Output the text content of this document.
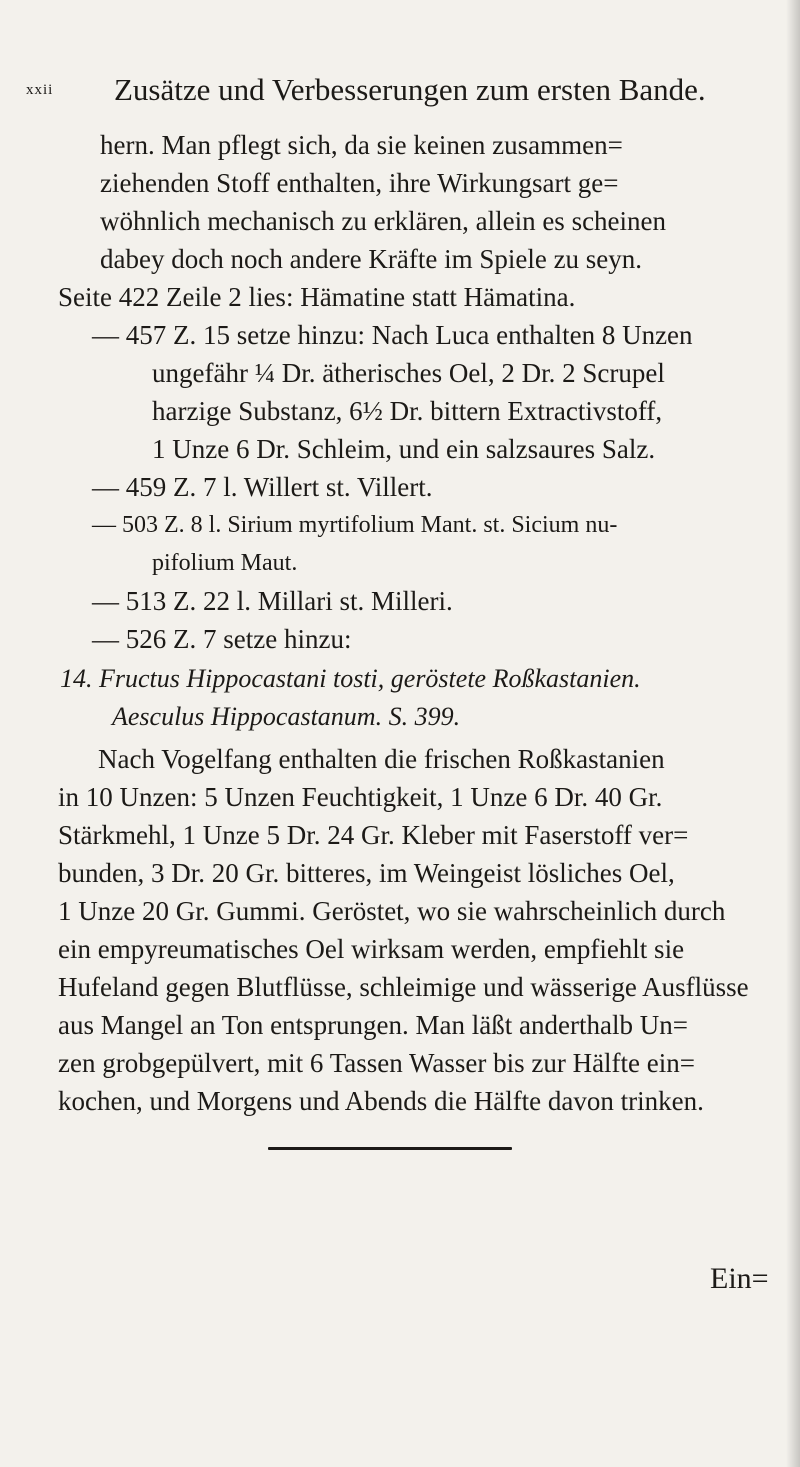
xxii Zusätze und Verbesserungen zum ersten Bande.
hern. Man pflegt sich, da sie keinen zusammen=
ziehenden Stoff enthalten, ihre Wirkungsart ge=
wöhnlich mechanisch zu erklären, allein es scheinen
dabey doch noch andere Kräfte im Spiele zu seyn.
Seite 422 Zeile 2 lies: Hämatine statt Hämatina.
— 457 Z. 15 setze hinzu: Nach Luca enthalten 8 Unzen
ungefähr ¼ Dr. ätherisches Oel, 2 Dr. 2 Scrupel
harzige Substanz, 6½ Dr. bittern Extractivstoff,
1 Unze 6 Dr. Schleim, und ein salzsaures Salz.
— 459 Z. 7 l. Willert st. Villert.
— 503 Z. 8 l. Sirium myrtifolium Mant. st. Sicium nu-
pifolium Maut.
— 513 Z. 22 l. Millari st. Milleri.
— 526 Z. 7 setze hinzu:
14. Fructus Hippocastani tosti, geröstete Roßkastanien.
Aesculus Hippocastanum. S. 399.
Nach Vogelfang enthalten die frischen Roßkastanien
in 10 Unzen: 5 Unzen Feuchtigkeit, 1 Unze 6 Dr. 40 Gr.
Stärkmehl, 1 Unze 5 Dr. 24 Gr. Kleber mit Faserstoff ver=
bunden, 3 Dr. 20 Gr. bitteres, im Weingeist lösliches Oel,
1 Unze 20 Gr. Gummi. Geröstet, wo sie wahrscheinlich durch
ein empyreumatisches Oel wirksam werden, empfiehlt sie
Hufeland gegen Blutflüsse, schleimige und wässerige Ausflüsse
aus Mangel an Ton entsprungen. Man läßt anderthalb Un=
zen grobgepülvert, mit 6 Tassen Wasser bis zur Hälfte ein=
kochen, und Morgens und Abends die Hälfte davon trinken.
Ein=
